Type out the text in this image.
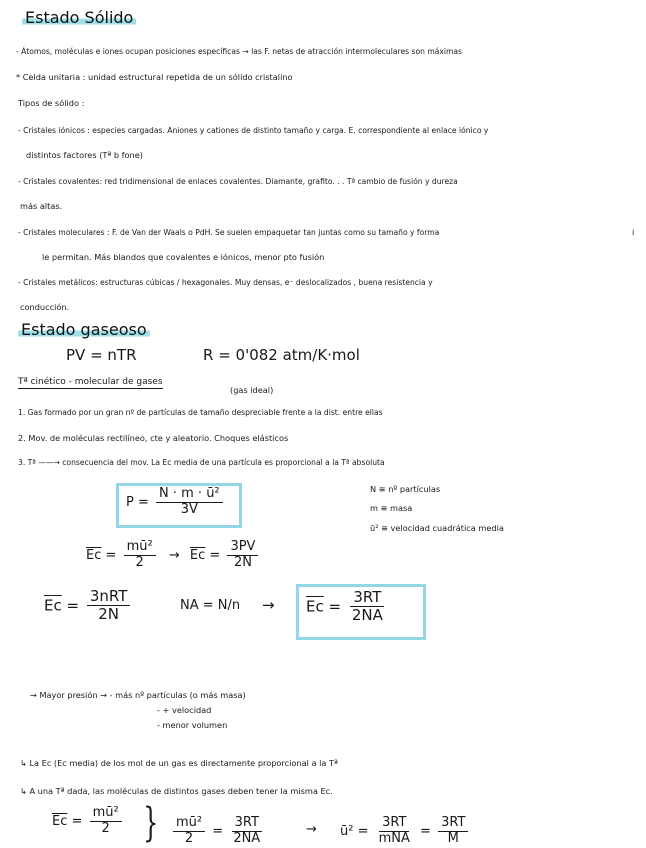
Estado Sólido
- Átomos, moléculas e iones ocupan posiciones específicas → las F. netas de atracción intermoleculares son máximas
* Celda unitaria : unidad estructural repetida de un sólido cristalino
Tipos de sólido :
- Cristales iónicos : especies cargadas. Aniones y cationes de distinto tamaño y carga. E. correspondiente al enlace iónico y
distintos factores (Tª b fone)
- Cristales covalentes: red tridimensional de enlaces covalentes. Diamante, grafito. . . Tª cambio de fusión y dureza
más altas.
- Cristales moleculares : F. de Van der Waals o PdH. Se suelen empaquetar tan juntas como su tamaño y forma	i
le permitan. Más blandos que covalentes e iónicos, menor pto fusión
- Cristales metálicos: estructuras cúbicas / hexagonales. Muy densas, e⁻ deslocalizados , buena resistencia y
conducción.
Estado gaseoso
PV = nTR	R = 0'082 atm/K·mol
Tª cinético - molecular de gases
(gas ideal)
1. Gas formado por un gran nº de partículas de tamaño despreciable frente a la dist. entre ellas
2. Mov. de moléculas rectilíneo, cte y aleatorio. Choques elásticos
3. Tª ——→ consecuencia del mov. La Ec media de una partícula es proporcional a la Tª absoluta
$P = \frac{\text{N · m · ū²}}{3V}$	N ≡ nº partículas
m ≡ masa
ū² ≡ velocidad cuadrática media
$\overline{Ec} = \frac{\text{mū²}}{2} \to \overline{Ec} = \frac{3PV}{2N}$
$\overline{Ec} = \frac{\text{3nRT}}{2N}$	NA = $N/n \to \overline{Ec} = \frac{3RT}{2NA}$
→ Mayor presión → - más nº partículas (o más masa)
- + velocidad
- menor volumen
↳ La Ec (Ec media) de los mol de un gas es directamente proporcional a la Tª
↳ A una Tª dada, las moléculas de distintos gases deben tener la misma Ec.
$\overline{Ec} = \frac{\text{mū²}}{2}$ } $\frac{\text{mū²}}{2} = \frac{3RT}{2NA}$	→ ū² = $\frac{3RT}{\text{mNA}} = \frac{3RT}{M}$
